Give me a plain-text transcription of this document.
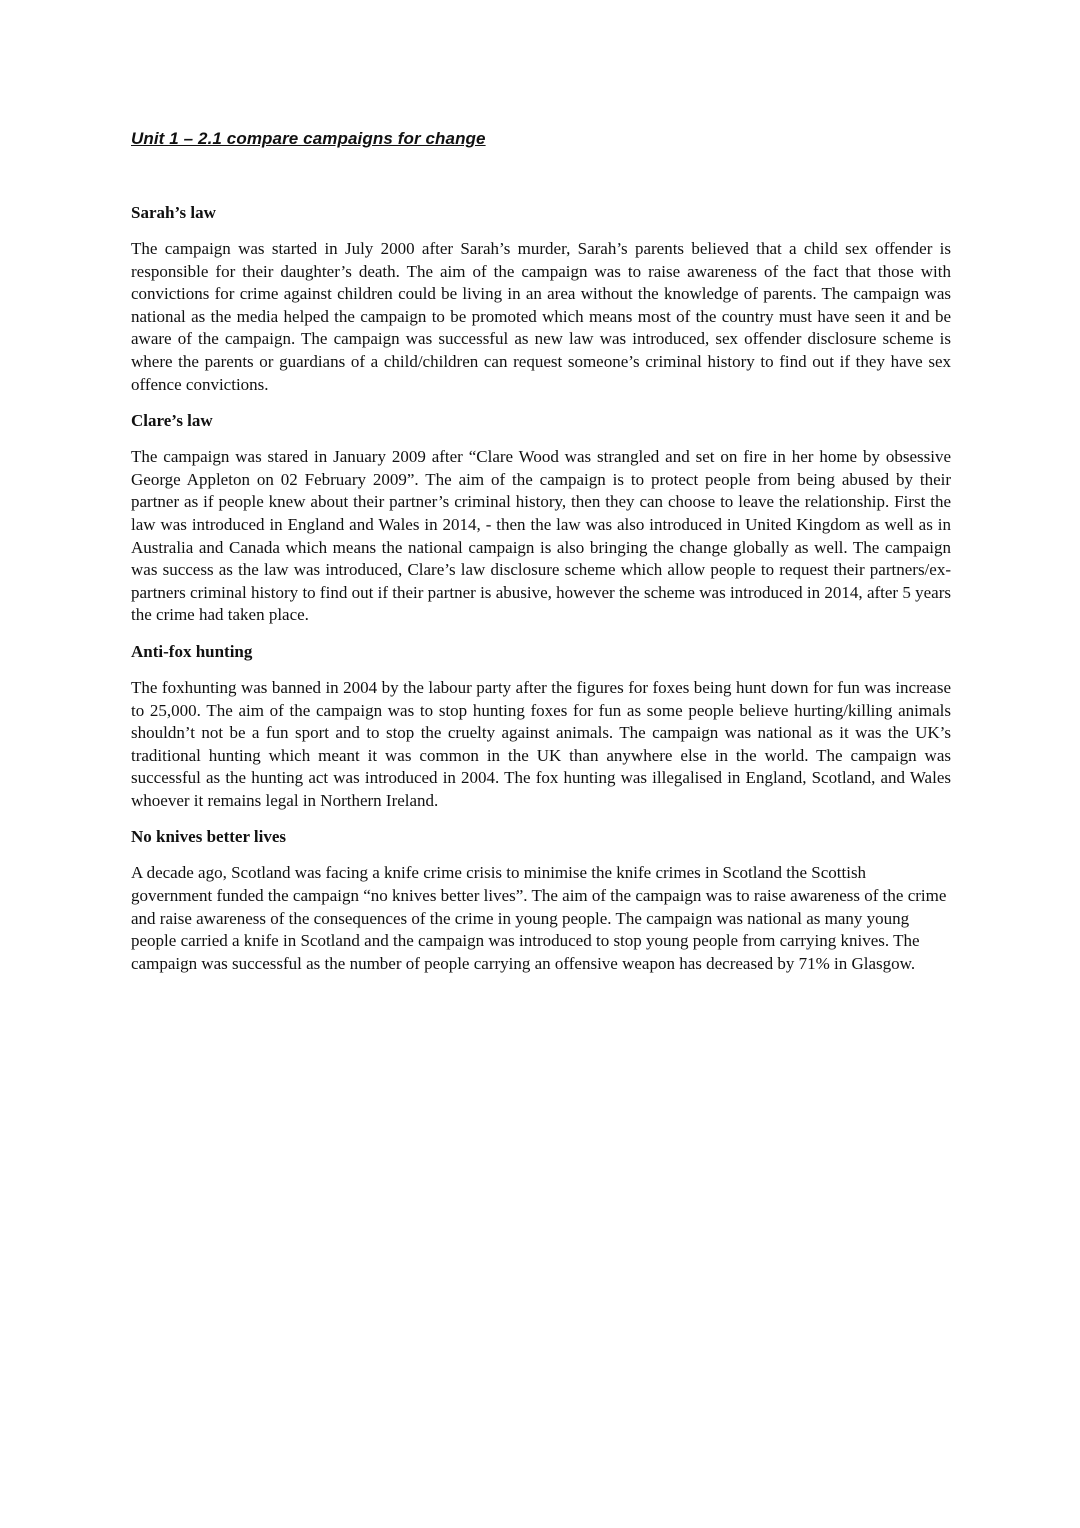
Unit 1 – 2.1 compare campaigns for change
Sarah’s law

The campaign was started in July 2000 after Sarah’s murder, Sarah’s parents believed that a child sex offender is responsible for their daughter’s death. The aim of the campaign was to raise awareness of the fact that those with convictions for crime against children could be living in an area without the knowledge of parents. The campaign was national as the media helped the campaign to be promoted which means most of the country must have seen it and be aware of the campaign. The campaign was successful as new law was introduced, sex offender disclosure scheme is where the parents or guardians of a child/children can request someone’s criminal history to find out if they have sex offence convictions.

Clare’s law

The campaign was stared in January 2009 after “Clare Wood was strangled and set on fire in her home by obsessive George Appleton on 02 February 2009”. The aim of the campaign is to protect people from being abused by their partner as if people knew about their partner’s criminal history, then they can choose to leave the relationship. First the law was introduced in England and Wales in 2014, - then the law was also introduced in United Kingdom as well as in Australia and Canada which means the national campaign is also bringing the change globally as well. The campaign was success as the law was introduced, Clare’s law disclosure scheme which allow people to request their partners/ex-partners criminal history to find out if their partner is abusive, however the scheme was introduced in 2014, after 5 years the crime had taken place.

Anti-fox hunting

The foxhunting was banned in 2004 by the labour party after the figures for foxes being hunt down for fun was increase to 25,000. The aim of the campaign was to stop hunting foxes for fun as some people believe hurting/killing animals shouldn’t not be a fun sport and to stop the cruelty against animals. The campaign was national as it was the UK’s traditional hunting which meant it was common in the UK than anywhere else in the world. The campaign was successful as the hunting act was introduced in 2004. The fox hunting was illegalised in England, Scotland, and Wales whoever it remains legal in Northern Ireland.

No knives better lives

A decade ago, Scotland was facing a knife crime crisis to minimise the knife crimes in Scotland the Scottish government funded the campaign “no knives better lives”. The aim of the campaign was to raise awareness of the crime and raise awareness of the consequences of the crime in young people. The campaign was national as many young people carried a knife in Scotland and the campaign was introduced to stop young people from carrying knives. The campaign was successful as the number of people carrying an offensive weapon has decreased by 71% in Glasgow.
